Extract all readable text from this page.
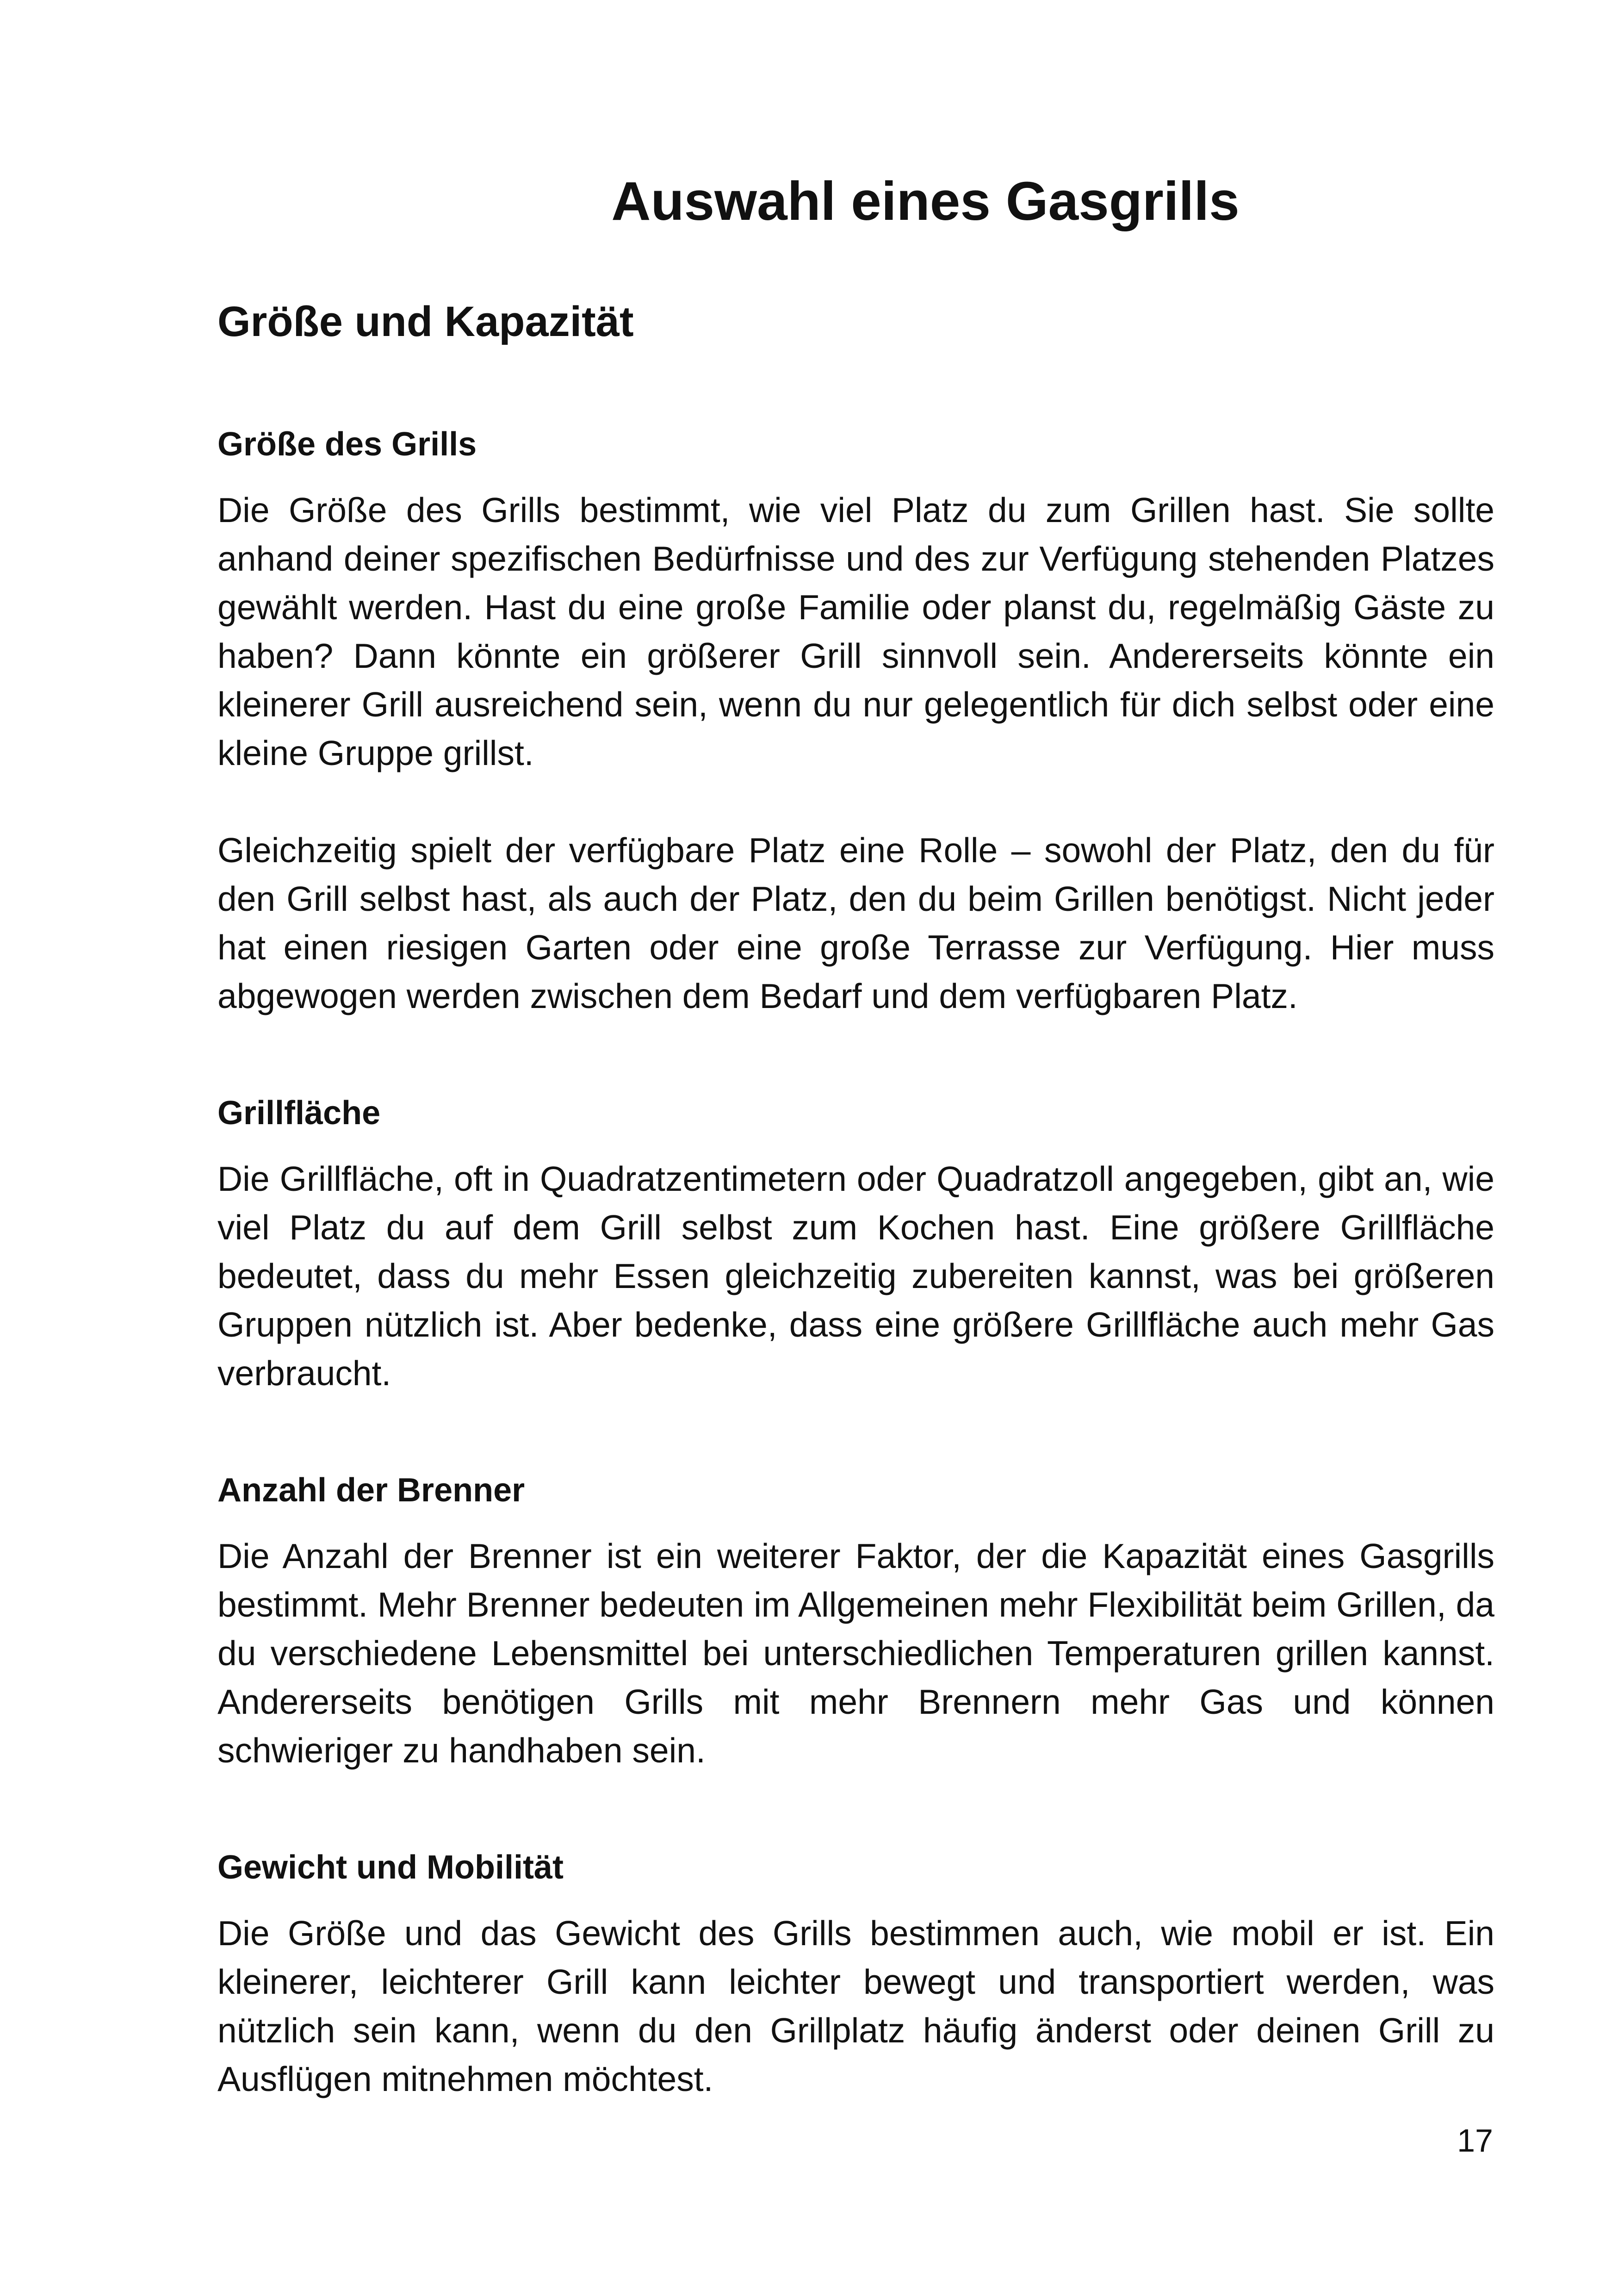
Auswahl eines Gasgrills
Größe und Kapazität
Größe des Grills

Die Größe des Grills bestimmt, wie viel Platz du zum Grillen hast. Sie sollte anhand deiner spezifischen Bedürfnisse und des zur Verfügung stehenden Platzes gewählt werden. Hast du eine große Familie oder planst du, regelmäßig Gäste zu haben? Dann könnte ein größerer Grill sinnvoll sein. Andererseits könnte ein kleinerer Grill ausreichend sein, wenn du nur gelegentlich für dich selbst oder eine kleine Gruppe grillst.

Gleichzeitig spielt der verfügbare Platz eine Rolle – sowohl der Platz, den du für den Grill selbst hast, als auch der Platz, den du beim Grillen benötigst. Nicht jeder hat einen riesigen Garten oder eine große Terrasse zur Verfügung. Hier muss abgewogen werden zwischen dem Bedarf und dem verfügbaren Platz.

Grillfläche

Die Grillfläche, oft in Quadratzentimetern oder Quadratzoll angegeben, gibt an, wie viel Platz du auf dem Grill selbst zum Kochen hast. Eine größere Grillfläche bedeutet, dass du mehr Essen gleichzeitig zubereiten kannst, was bei größeren Gruppen nützlich ist. Aber bedenke, dass eine größere Grillfläche auch mehr Gas verbraucht.

Anzahl der Brenner

Die Anzahl der Brenner ist ein weiterer Faktor, der die Kapazität eines Gasgrills bestimmt. Mehr Brenner bedeuten im Allgemeinen mehr Flexibilität beim Grillen, da du verschiedene Lebensmittel bei unterschiedlichen Temperaturen grillen kannst. Andererseits benötigen Grills mit mehr Brennern mehr Gas und können schwieriger zu handhaben sein.

Gewicht und Mobilität

Die Größe und das Gewicht des Grills bestimmen auch, wie mobil er ist. Ein kleinerer, leichterer Grill kann leichter bewegt und transportiert werden, was nützlich sein kann, wenn du den Grillplatz häufig änderst oder deinen Grill zu Ausflügen mitnehmen möchtest.

17
